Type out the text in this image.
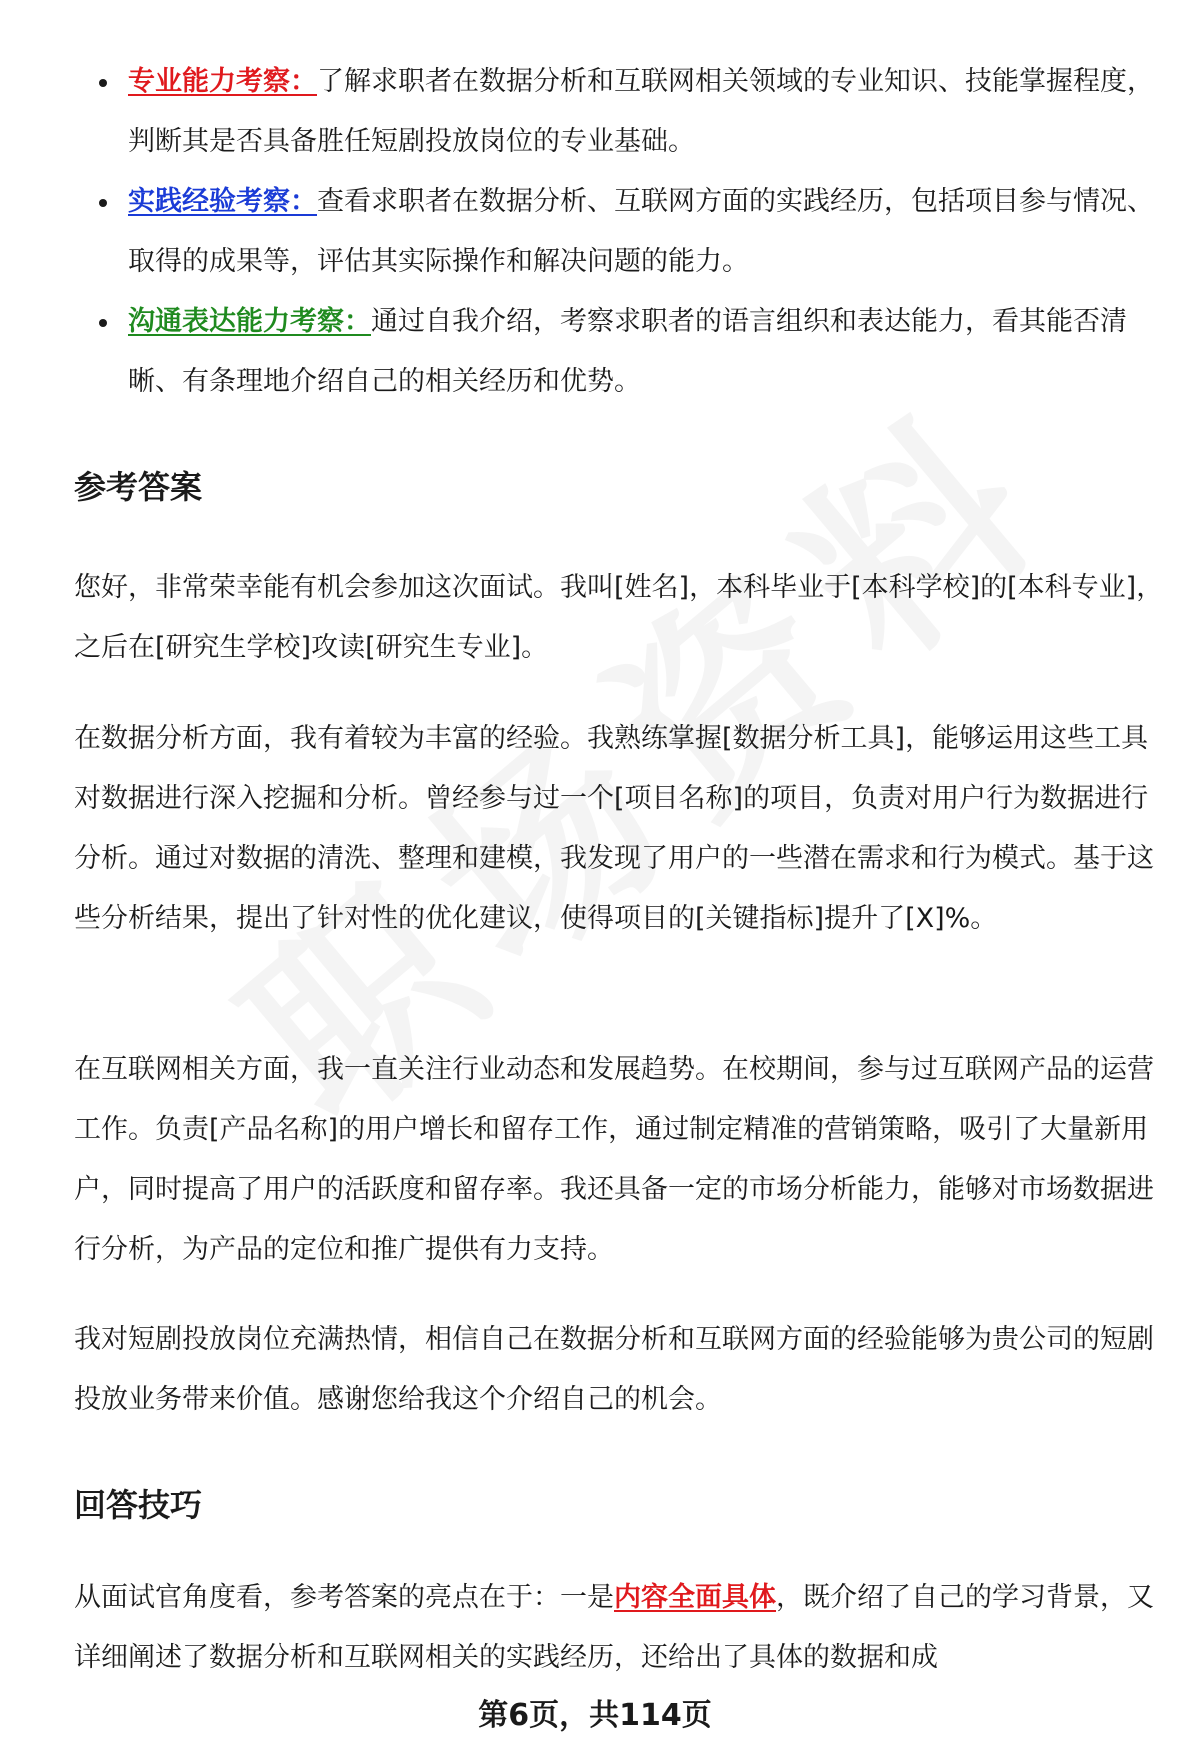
专业能力考察：了解求职者在数据分析和互联网相关领域的专业知识、技能掌握程度，判断其是否具备胜任短剧投放岗位的专业基础。
实践经验考察：查看求职者在数据分析、互联网方面的实践经历，包括项目参与情况、取得的成果等，评估其实际操作和解决问题的能力。
沟通表达能力考察：通过自我介绍，考察求职者的语言组织和表达能力，看其能否清晰、有条理地介绍自己的相关经历和优势。
参考答案

您好，非常荣幸能有机会参加这次面试。我叫[姓名]，本科毕业于[本科学校]的[本科专业]，之后在[研究生学校]攻读[研究生专业]。

在数据分析方面，我有着较为丰富的经验。我熟练掌握[数据分析工具]，能够运用这些工具对数据进行深入挖掘和分析。曾经参与过一个[项目名称]的项目，负责对用户行为数据进行分析。通过对数据的清洗、整理和建模，我发现了用户的一些潜在需求和行为模式。基于这些分析结果，提出了针对性的优化建议，使得项目的[关键指标]提升了[X]%。

在互联网相关方面，我一直关注行业动态和发展趋势。在校期间，参与过互联网产品的运营工作。负责[产品名称]的用户增长和留存工作，通过制定精准的营销策略，吸引了大量新用户，同时提高了用户的活跃度和留存率。我还具备一定的市场分析能力，能够对市场数据进行分析，为产品的定位和推广提供有力支持。

我对短剧投放岗位充满热情，相信自己在数据分析和互联网方面的经验能够为贵公司的短剧投放业务带来价值。感谢您给我这个介绍自己的机会。

回答技巧

从面试官角度看，参考答案的亮点在于：一是内容全面具体，既介绍了自己的学习背景，又详细阐述了数据分析和互联网相关的实践经历，还给出了具体的数据和成

第6页，共114页
